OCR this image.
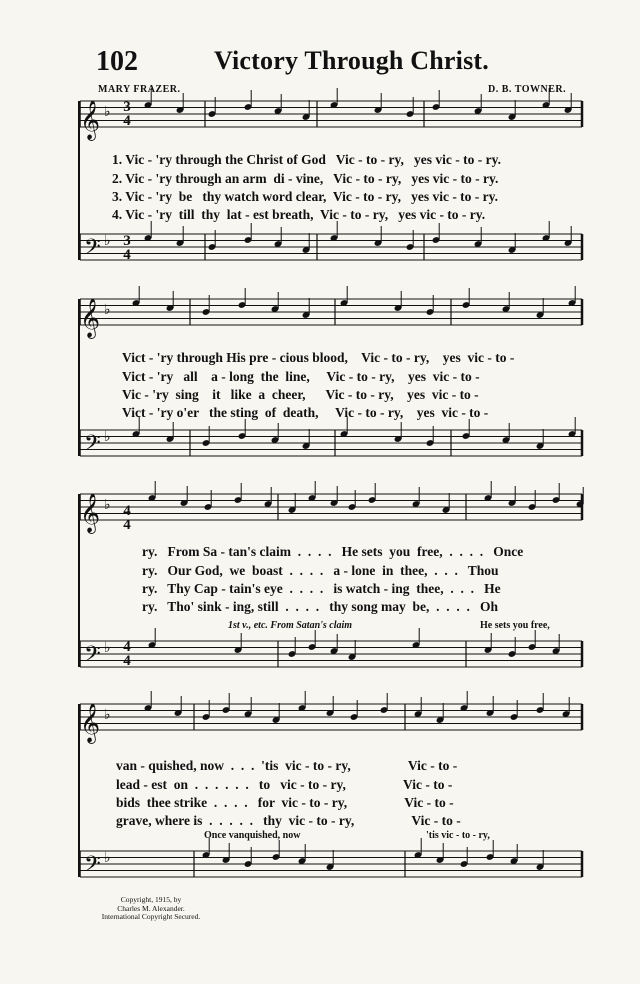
102	Victory Through Christ.
MARY FRAZER.	D. B. TOWNER.
𝄞 ♭
𝄢 ♭
𝄞 ♭
𝄢 ♭
𝄞 ♭
𝄢 ♭
𝄞 ♭
𝄢 ♭
3
4
3
4
4
4
4
4
1. Vic - 'ry through the Christ of God   Vic - to - ry,   yes vic - to - ry.
2. Vic - 'ry through an arm  di - vine,   Vic - to - ry,   yes vic - to - ry.
3. Vic - 'ry  be   thy watch word clear,  Vic - to - ry,   yes vic - to - ry.
4. Vic - 'ry  till  thy  lat - est breath,  Vic - to - ry,   yes vic - to - ry.
Vict - 'ry through His pre - cious blood,    Vic - to - ry,    yes  vic - to -
Vict - 'ry   all    a - long  the  line,     Vic - to - ry,    yes  vic - to -
Vic - 'ry  sing    it   like  a  cheer,      Vic - to - ry,    yes  vic - to -
Vict - 'ry o'er   the sting  of  death,     Vic - to - ry,    yes  vic - to -
ry.   From Sa - tan's claim  .  .  .  .   He sets  you  free,  .  .  .  .   Once
ry.   Our God,  we  boast  .  .  .  .   a - lone  in  thee,  .  .  .   Thou
ry.   Thy Cap - tain's eye  .  .  .  .   is watch - ing  thee,  .  .  .   He
ry.   Tho' sink - ing, still  .  .  .  .   thy song may  be,  .  .  .  .   Oh
1st v., etc. From Satan's claim	He sets you free,
van - quished, now  .  .  .  'tis  vic - to - ry,                 Vic - to -
lead - est  on  .  .  .  .  .  .   to   vic - to - ry,                 Vic - to -
bids  thee strike  .  .  .  .   for  vic - to - ry,                 Vic - to -
grave, where is  .  .  .  .  .   thy  vic - to - ry,                 Vic - to -
Once vanquished, now	'tis vic - to - ry,
Copyright, 1915, by
Charles M. Alexander.
International Copyright Secured.
